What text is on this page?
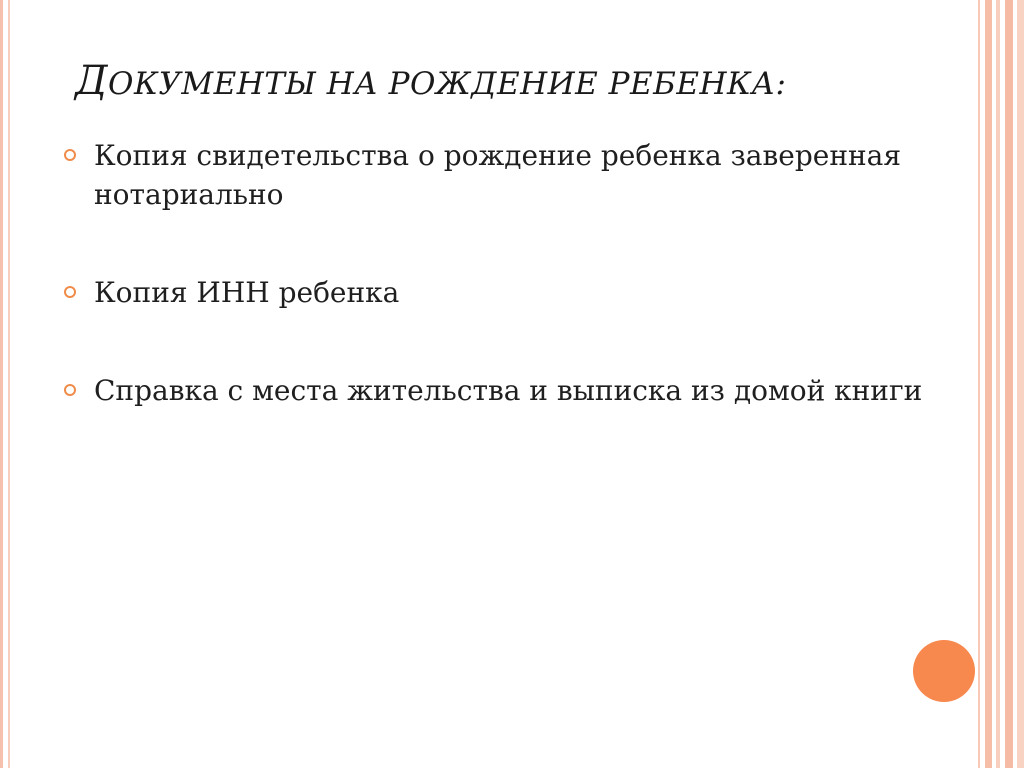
ДОКУМЕНТЫ НА РОЖДЕНИЕ РЕБЕНКА:
Копия свидетельства о рождение ребенка заверенная нотариально
Копия ИНН ребенка
Справка с места жительства и выписка из домой книги
